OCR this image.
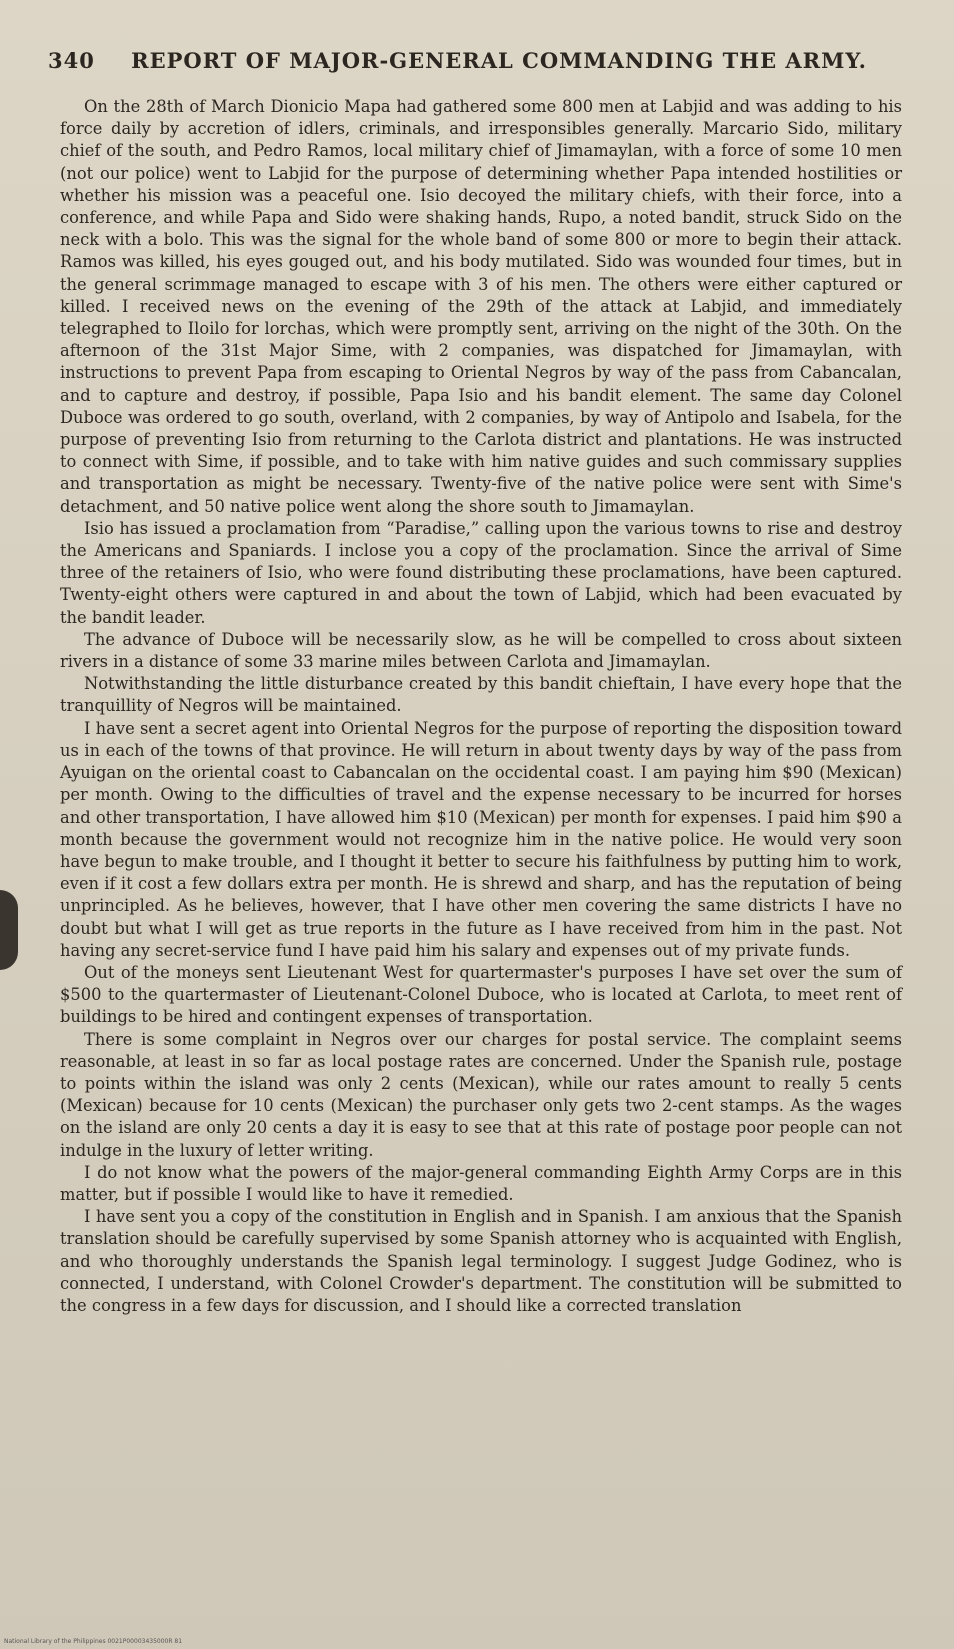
340 REPORT OF MAJOR-GENERAL COMMANDING THE ARMY.

On the 28th of March Dionicio Mapa had gathered some 800 men at Labjid and was adding to his force daily by accretion of idlers, criminals, and irresponsibles generally. Marcario Sido, military chief of the south, and Pedro Ramos, local military chief of Jimamaylan, with a force of some 10 men (not our police) went to Labjid for the purpose of determining whether Papa intended hostilities or whether his mission was a peaceful one. Isio decoyed the military chiefs, with their force, into a conference, and while Papa and Sido were shaking hands, Rupo, a noted bandit, struck Sido on the neck with a bolo. This was the signal for the whole band of some 800 or more to begin their attack. Ramos was killed, his eyes gouged out, and his body mutilated. Sido was wounded four times, but in the general scrimmage managed to escape with 3 of his men. The others were either captured or killed. I received news on the evening of the 29th of the attack at Labjid, and immediately telegraphed to Iloilo for lorchas, which were promptly sent, arriving on the night of the 30th. On the afternoon of the 31st Major Sime, with 2 companies, was dispatched for Jimamaylan, with instructions to prevent Papa from escaping to Oriental Negros by way of the pass from Cabancalan, and to capture and destroy, if possible, Papa Isio and his bandit element. The same day Colonel Duboce was ordered to go south, overland, with 2 companies, by way of Antipolo and Isabela, for the purpose of preventing Isio from returning to the Carlota district and plantations. He was instructed to connect with Sime, if possible, and to take with him native guides and such commissary supplies and transportation as might be necessary. Twenty-five of the native police were sent with Sime's detachment, and 50 native police went along the shore south to Jimamaylan.

Isio has issued a proclamation from “Paradise,” calling upon the various towns to rise and destroy the Americans and Spaniards. I inclose you a copy of the proclamation. Since the arrival of Sime three of the retainers of Isio, who were found distributing these proclamations, have been captured. Twenty-eight others were captured in and about the town of Labjid, which had been evacuated by the bandit leader.

The advance of Duboce will be necessarily slow, as he will be compelled to cross about sixteen rivers in a distance of some 33 marine miles between Carlota and Jimamaylan.

Notwithstanding the little disturbance created by this bandit chieftain, I have every hope that the tranquillity of Negros will be maintained.

I have sent a secret agent into Oriental Negros for the purpose of reporting the disposition toward us in each of the towns of that province. He will return in about twenty days by way of the pass from Ayuigan on the oriental coast to Cabancalan on the occidental coast. I am paying him $90 (Mexican) per month. Owing to the difficulties of travel and the expense necessary to be incurred for horses and other transportation, I have allowed him $10 (Mexican) per month for expenses. I paid him $90 a month because the government would not recognize him in the native police. He would very soon have begun to make trouble, and I thought it better to secure his faithfulness by putting him to work, even if it cost a few dollars extra per month. He is shrewd and sharp, and has the reputation of being unprincipled. As he believes, however, that I have other men covering the same districts I have no doubt but what I will get as true reports in the future as I have received from him in the past. Not having any secret-service fund I have paid him his salary and expenses out of my private funds.

Out of the moneys sent Lieutenant West for quartermaster's purposes I have set over the sum of $500 to the quartermaster of Lieutenant-Colonel Duboce, who is located at Carlota, to meet rent of buildings to be hired and contingent expenses of transportation.

There is some complaint in Negros over our charges for postal service. The complaint seems reasonable, at least in so far as local postage rates are concerned. Under the Spanish rule, postage to points within the island was only 2 cents (Mexican), while our rates amount to really 5 cents (Mexican) because for 10 cents (Mexican) the purchaser only gets two 2-cent stamps. As the wages on the island are only 20 cents a day it is easy to see that at this rate of postage poor people can not indulge in the luxury of letter writing.

I do not know what the powers of the major-general commanding Eighth Army Corps are in this matter, but if possible I would like to have it remedied.

I have sent you a copy of the constitution in English and in Spanish. I am anxious that the Spanish translation should be carefully supervised by some Spanish attorney who is acquainted with English, and who thoroughly understands the Spanish legal terminology. I suggest Judge Godinez, who is connected, I understand, with Colonel Crowder's department. The constitution will be submitted to the congress in a few days for discussion, and I should like a corrected translation

National Library of the Philippines 0021P00003435000R 81
